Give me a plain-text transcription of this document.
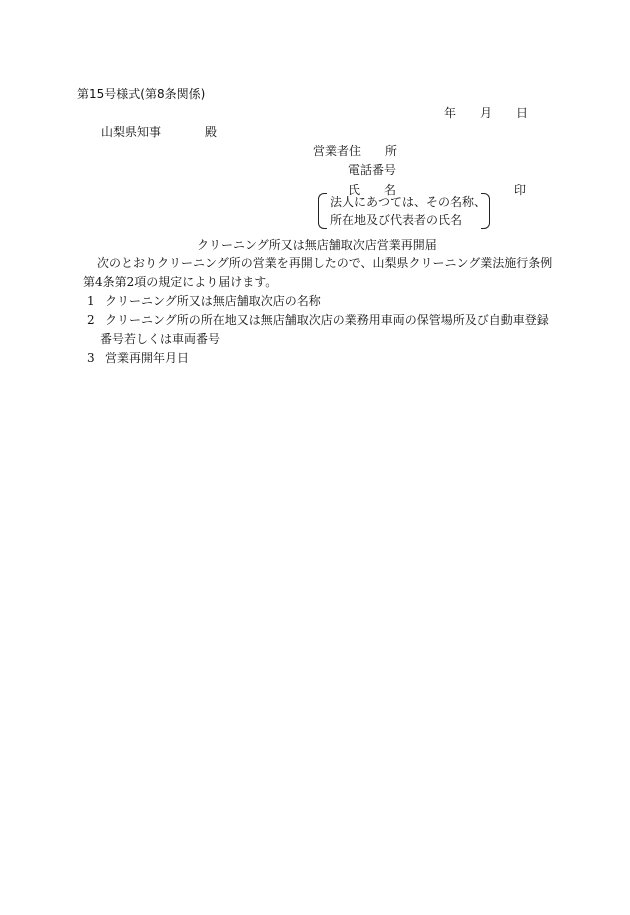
第15号様式(第8条関係)
年 月 日
山梨県知事	殿
営業者住　　所
電話番号
氏　　名	印
法人にあつては、その名称、
所在地及び代表者の氏名
クリーニング所又は無店舗取次店営業再開届
次のとおりクリーニング所の営業を再開したので、山梨県クリーニング業法施行条例
第4条第2項の規定により届けます。
1 クリーニング所又は無店舗取次店の名称
2 クリーニング所の所在地又は無店舗取次店の業務用車両の保管場所及び自動車登録
番号若しくは車両番号
3 営業再開年月日
